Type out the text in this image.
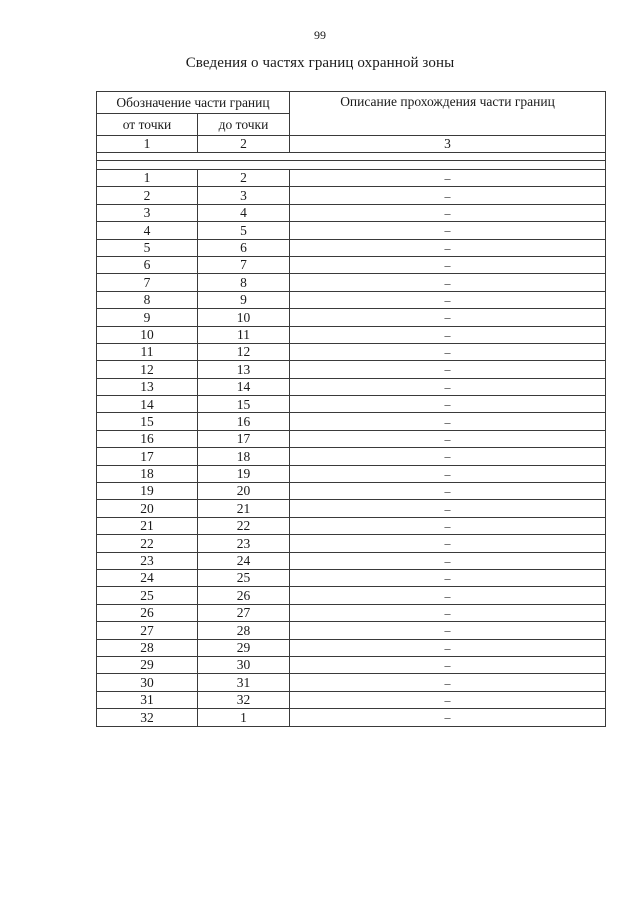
99
Сведения о частях границ охранной зоны
Обозначение части границ		Описание прохождения части границ
от точки	до точки	
1	2	3

1	2	–
2	3	–
3	4	–
4	5	–
5	6	–
6	7	–
7	8	–
8	9	–
9	10	–
10	11	–
11	12	–
12	13	–
13	14	–
14	15	–
15	16	–
16	17	–
17	18	–
18	19	–
19	20	–
20	21	–
21	22	–
22	23	–
23	24	–
24	25	–
25	26	–
26	27	–
27	28	–
28	29	–
29	30	–
30	31	–
31	32	–
32	1	–
